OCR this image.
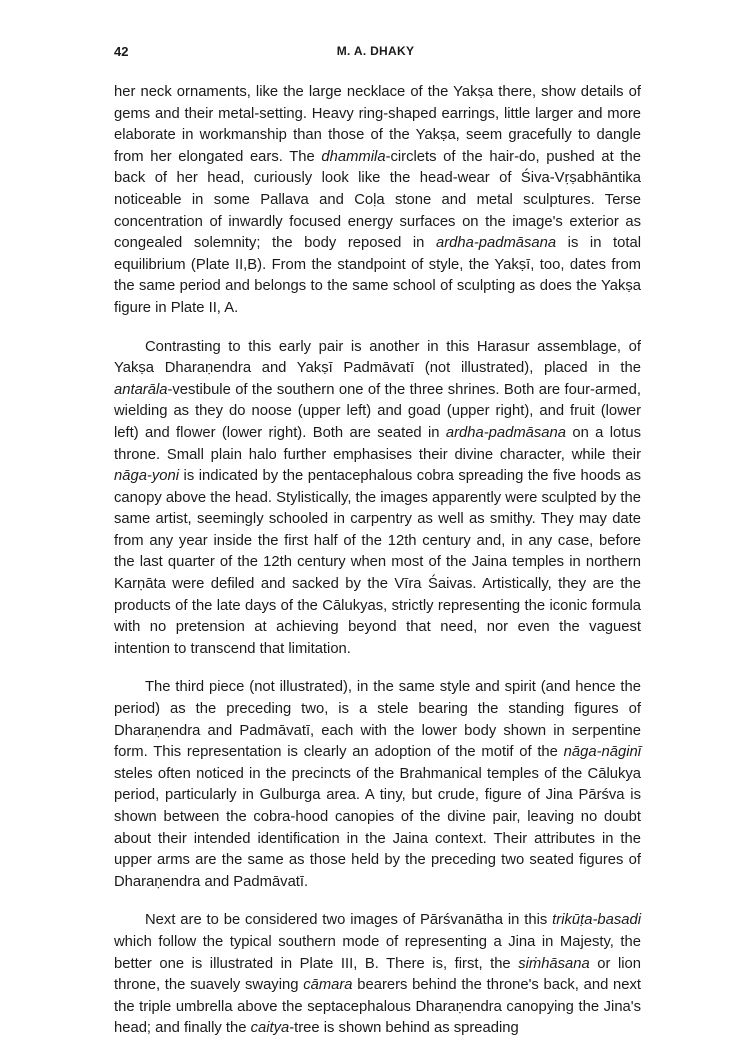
42	M. A. DHAKY

her neck ornaments, like the large necklace of the Yakṣa there, show details of gems and their metal-setting. Heavy ring-shaped earrings, little larger and more elaborate in workmanship than those of the Yakṣa, seem gracefully to dangle from her elongated ears. The dhammila-circlets of the hair-do, pushed at the back of her head, curiously look like the head-wear of Śiva-Vṛṣabhāntika noticeable in some Pallava and Coḷa stone and metal sculptures. Terse concentration of inwardly focused energy surfaces on the image's exterior as congealed solemnity; the body reposed in ardha-padmāsana is in total equilibrium (Plate II,B). From the standpoint of style, the Yakṣī, too, dates from the same period and belongs to the same school of sculpting as does the Yakṣa figure in Plate II, A.

Contrasting to this early pair is another in this Harasur assemblage, of Yakṣa Dharaṇendra and Yakṣī Padmāvatī (not illustrated), placed in the antarāla-vestibule of the southern one of the three shrines. Both are four-armed, wielding as they do noose (upper left) and goad (upper right), and fruit (lower left) and flower (lower right). Both are seated in ardha-padmāsana on a lotus throne. Small plain halo further emphasises their divine character, while their nāga-yoni is indicated by the pentacephalous cobra spreading the five hoods as canopy above the head. Stylistically, the images apparently were sculpted by the same artist, seemingly schooled in carpentry as well as smithy. They may date from any year inside the first half of the 12th century and, in any case, before the last quarter of the 12th century when most of the Jaina temples in northern Karṇāta were defiled and sacked by the Vīra Śaivas. Artistically, they are the products of the late days of the Cālukyas, strictly representing the iconic formula with no pretension at achieving beyond that need, nor even the vaguest intention to transcend that limitation.

The third piece (not illustrated), in the same style and spirit (and hence the period) as the preceding two, is a stele bearing the standing figures of Dharaṇendra and Padmāvatī, each with the lower body shown in serpentine form. This representation is clearly an adoption of the motif of the nāga-nāginī steles often noticed in the precincts of the Brahmanical temples of the Cālukya period, particularly in Gulburga area. A tiny, but crude, figure of Jina Pārśva is shown between the cobra-hood canopies of the divine pair, leaving no doubt about their intended identification in the Jaina context. Their attributes in the upper arms are the same as those held by the preceding two seated figures of Dharaṇendra and Padmāvatī.

Next are to be considered two images of Pārśvanātha in this trikūṭa-basadi which follow the typical southern mode of representing a Jina in Majesty, the better one is illustrated in Plate III, B. There is, first, the siṁhāsana or lion throne, the suavely swaying cāmara bearers behind the throne's back, and next the triple umbrella above the septacephalous Dharaṇendra canopying the Jina's head; and finally the caitya-tree is shown behind as spreading
